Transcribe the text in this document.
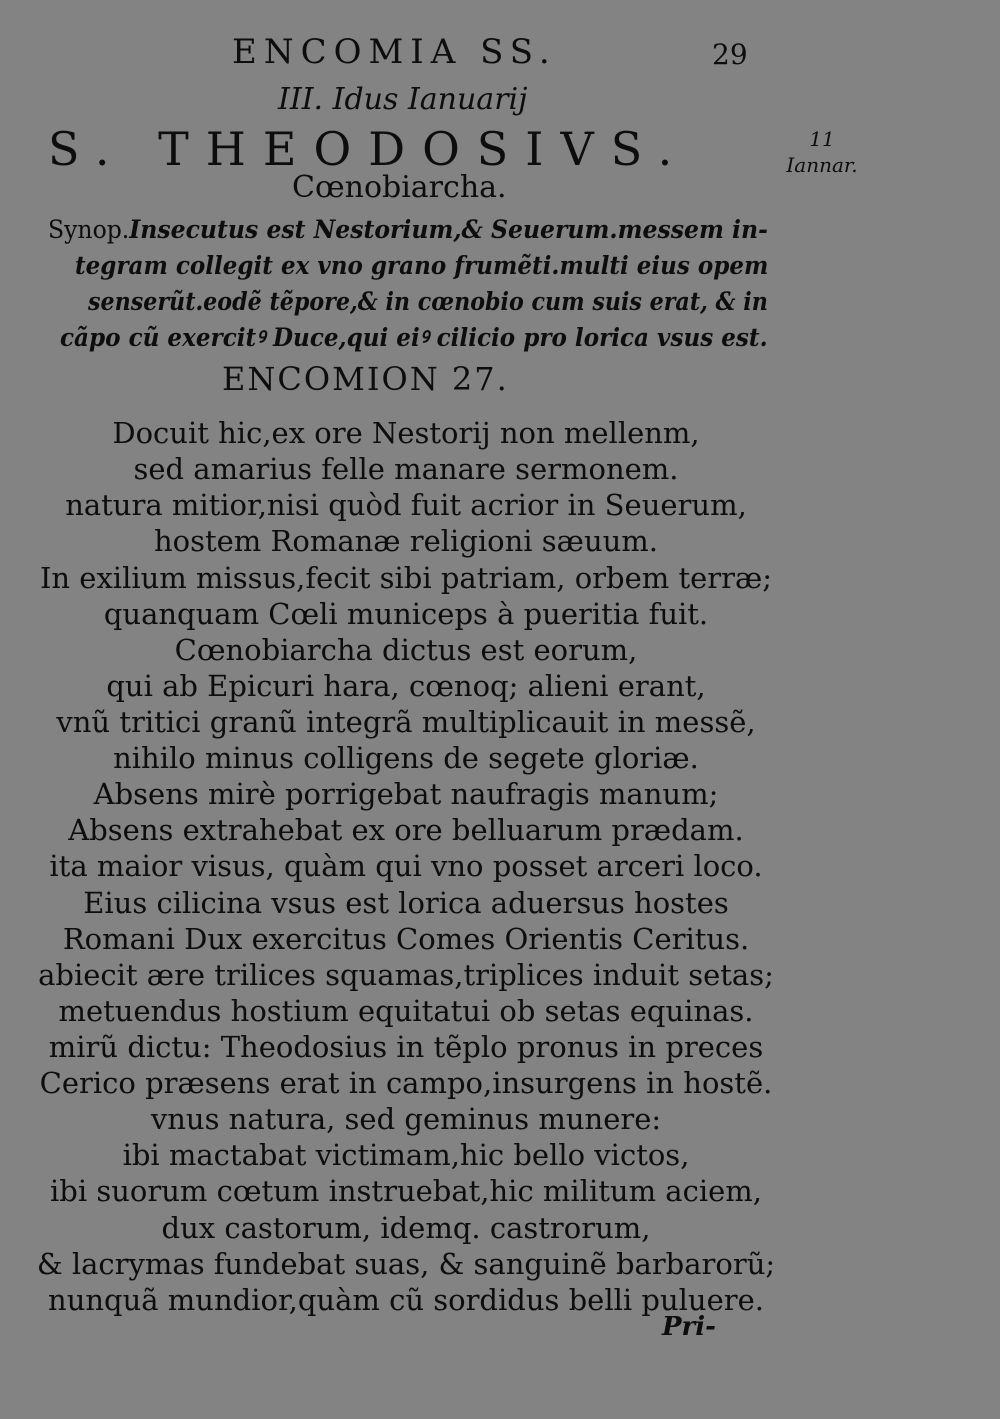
ENCOMIA SS.	29
III. Idus Ianuarij
S. THEODOSIVS.	11
Iannar.
Cœnobiarcha.
Synop.Insecutus est Nestorium,& Seuerum.messem in-
tegram collegit ex vno grano frumẽti.multi eius opem
senserũt.eodẽ tẽpore,& in cœnobio cum suis erat, & in
cãpo cũ exercitꝰ Duce,qui eiꝰ cilicio pro lorica vsus est.
ENCOMION 27.
Docuit hic,ex ore Nestorij non mellenm,
sed amarius felle manare sermonem.
natura mitior,nisi quòd fuit acrior in Seuerum,
hostem Romanæ religioni sæuum.
In exilium missus,fecit sibi patriam, orbem terræ;
quanquam Cœli municeps à pueritia fuit.
Cœnobiarcha dictus est eorum,
qui ab Epicuri hara, cœnoq; alieni erant,
vnũ tritici granũ integrã multiplicauit in messẽ,
nihilo minus colligens de segete gloriæ.
Absens mirè porrigebat naufragis manum;
Absens extrahebat ex ore belluarum prædam.
ita maior visus, quàm qui vno posset arceri loco.
Eius cilicina vsus est lorica aduersus hostes
Romani Dux exercitus Comes Orientis Ceritus.
abiecit ære trilices squamas,triplices induit setas;
metuendus hostium equitatui ob setas equinas.
mirũ dictu: Theodosius in tẽplo pronus in preces
Cerico præsens erat in campo,insurgens in hostẽ.
vnus natura, sed geminus munere:
ibi mactabat victimam,hic bello victos,
ibi suorum cœtum instruebat,hic militum aciem,
dux castorum, idemq. castrorum,
& lacrymas fundebat suas, & sanguinẽ barbarorũ;
nunquã mundior,quàm cũ sordidus belli puluere.
Pri-
